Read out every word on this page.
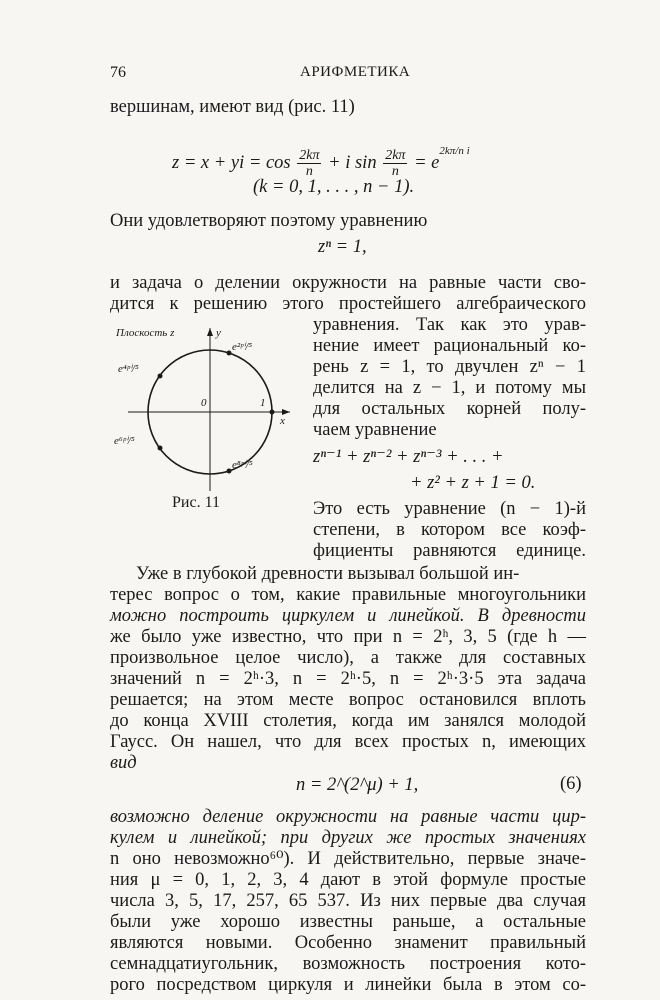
76	АРИФМЕТИКА
вершинам, имеют вид (рис. 11)
z = x + yi = $\cos \frac{2k\pi}{n} + i$ $\sin \frac{2k\pi}{n} = e^{2k\pi/n i}$
(k = 0, 1, . . . , n − 1).
Они удовлетворяют поэтому уравнению
zⁿ = 1,
и задача о делении окружности на равные части сво-
дится к решению этого простейшего алгебраического
Плоскость z	y
x
0	1
e²ᵖⁱ/⁵
e⁴ᵖⁱ/⁵
e⁶ᵖⁱ/⁵
e⁸ᵖⁱ/⁵
Рис. 11
уравнения. Так как это урав-
нение имеет рациональный ко-
рень z = 1, то двучлен zⁿ − 1
делится на z − 1, и потому мы
для остальных корней полу-
чаем уравнение
zⁿ⁻¹ + zⁿ⁻² + zⁿ⁻³ + . . . +
+ z² + z + 1 = 0.
Это есть уравнение (n − 1)-й
степени, в котором все коэф-
фициенты равняются единице.
Уже в глубокой древности вызывал большой ин-
терес вопрос о том, какие правильные многоугольники
можно построить циркулем и линейкой. В древности
же было уже известно, что при n = 2ʰ, 3, 5 (где h —
произвольное целое число), а также для составных
значений n = 2ʰ·3, n = 2ʰ·5, n = 2ʰ·3·5 эта задача
решается; на этом месте вопрос остановился вплоть
до конца XVIII столетия, когда им занялся молодой
Гаусс. Он нашел, что для всех простых n, имеющих
вид
n = 2^(2^μ) + 1,	(6)
возможно деление окружности на равные части цир-
кулем и линейкой; при других же простых значениях
n оно невозможно⁶⁰). И действительно, первые значе-
ния μ = 0, 1, 2, 3, 4 дают в этой формуле простые
числа 3, 5, 17, 257, 65 537. Из них первые два случая
были уже хорошо известны раньше, а остальные
являются новыми. Особенно знаменит правильный
семнадцатиугольник, возможность построения кото-
рого посредством циркуля и линейки была в этом со-
